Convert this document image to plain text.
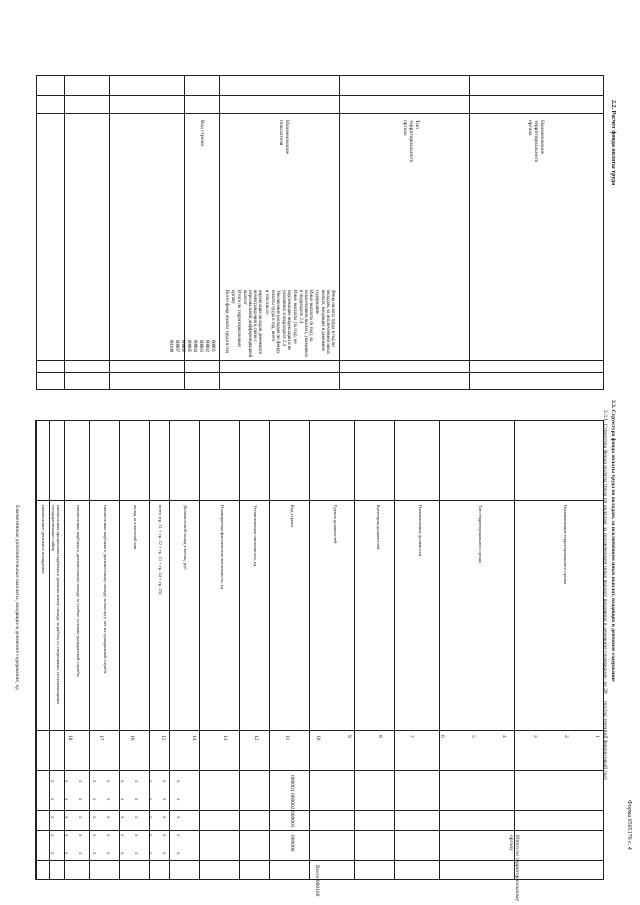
Форма 0505176 с. 4
2.2. Расчет фонда оплаты труда
Наименование территориального органа
Тип территориального органа
Наименование показателя
Код строки
Фонд оплаты труда в год по окладам, за исключением иных выплат, входящих в денежное содержание
Иные выплаты (в год), за исключением выплат, указанных в подразделе 2.4
Иные выплаты (за год), не подлежащие индексации и не указанные в подразделе 2.4
Увеличение расходов по фонду оплаты труда в год, всего
в том числе:
индексация окладов денежного вознаграждения в связи с персональной дифференциацией выплат
Итого по территориальному органу
Всего фонд оплаты труда в год
00001
00002
00003
00004
00005
00006
00007
00100
2.3. Структура фонда оплаты труда по окладам, за исключением иных выплат, входящих в денежное содержание
2.3.1. Структура фонда оплаты труда по окладам, за исключением иных выплат, входящих в денежное содержание, на 20__ год (на текущий финансовый год)
Наименование территориального органа
Тип территориального органа
Наименование должности
Категория должностей
Группа должностей
Код строки
Установленная численность, ед
Планируемая фактическая численность, ед
Должностной оклад в месяц, руб
всего (гр. 11 + гр. 12 + гр. 13 + гр. 14 + гр. 15)
оклад за классный чин
ежемесячная надбавка к должностному окладу за выслугу лет на гражданской службе
ежемесячная надбавка к должностному окладу за особые условия гражданской службы
ежемесячная процентная надбавка к должностному окладу за работу со сведениями, составляющими государственную тайну
ежемесячное денежное поощрение
1
2
3
4
5
6
7
8
9
10
11
12
13
14
15
16
17
18
000001
000002
000003
Итого по территориальному органу
Всего 000100
009000
x
x
x
x
x
x
x
x
x
x
x
x
x
x
x
x
x
x
x
x
x
x
x
x
x
x
x
x
x
x
x
x
x
x
x
x
x
x
x
x
x
x
x
x
x
x
x
x
x
x
Ежемесячные дополнительные выплаты, входящие в денежное содержание, ед
